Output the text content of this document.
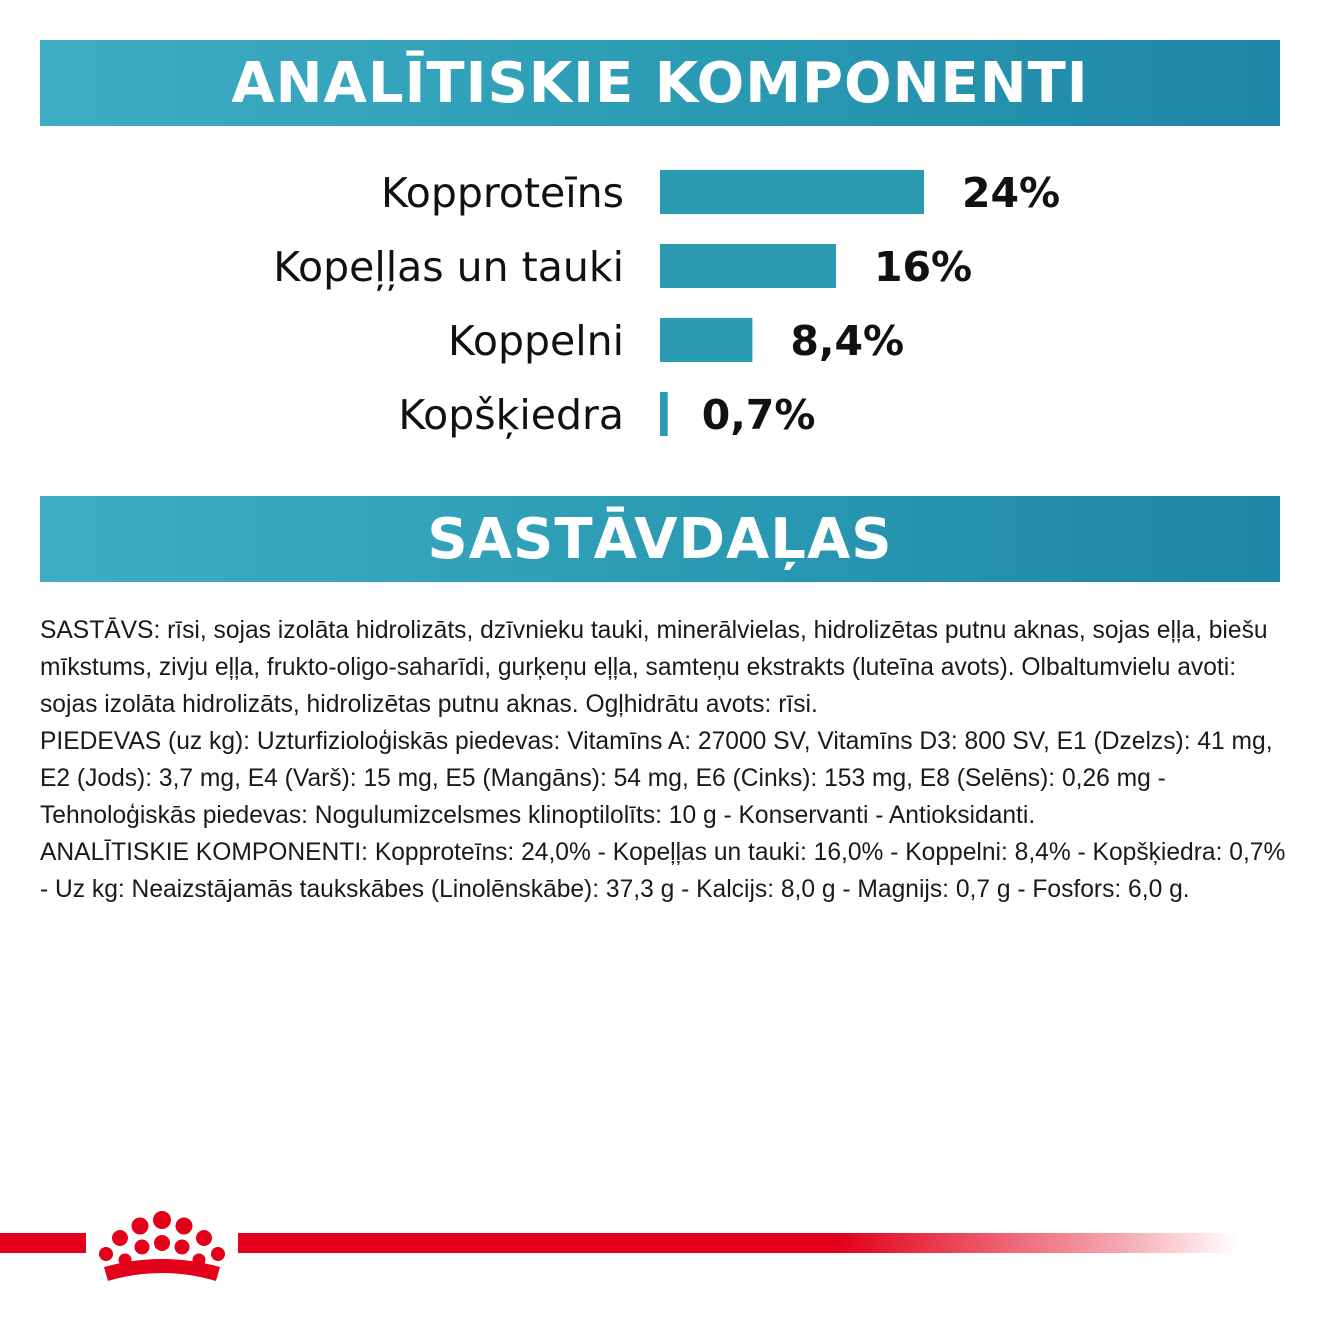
ANALĪTISKIE KOMPONENTI
Kopproteīns	24%
Kopeļļas un tauki	16%
Koppelni	8,4%
Kopšķiedra 0,7%
SASTĀVDAĻAS

SASTĀVS: rīsi, sojas izolāta hidrolizāts, dzīvnieku tauki, minerālvielas, hidrolizētas putnu aknas, sojas eļļa, biešu mīkstums, zivju eļļa, frukto-oligo-saharīdi, gurķeņu eļļa, samteņu ekstrakts (luteīna avots). Olbaltumvielu avoti: sojas izolāta hidrolizāts, hidrolizētas putnu aknas. Ogļhidrātu avots: rīsi.

PIEDEVAS (uz kg): Uzturfizioloģiskās piedevas: Vitamīns A: 27000 SV, Vitamīns D3: 800 SV, E1 (Dzelzs): 41 mg, E2 (Jods): 3,7 mg, E4 (Varš): 15 mg, E5 (Mangāns): 54 mg, E6 (Cinks): 153 mg, E8 (Selēns): 0,26 mg - Tehnoloģiskās piedevas: Nogulumizcelsmes klinoptilolīts: 10 g - Konservanti - Antioksidanti.

ANALĪTISKIE KOMPONENTI: Kopproteīns: 24,0% - Kopeļļas un tauki: 16,0% - Koppelni: 8,4% - Kopšķiedra: 0,7% - Uz kg: Neaizstājamās taukskābes (Linolēnskābe): 37,3 g - Kalcijs: 8,0 g - Magnijs: 0,7 g - Fosfors: 6,0 g.
